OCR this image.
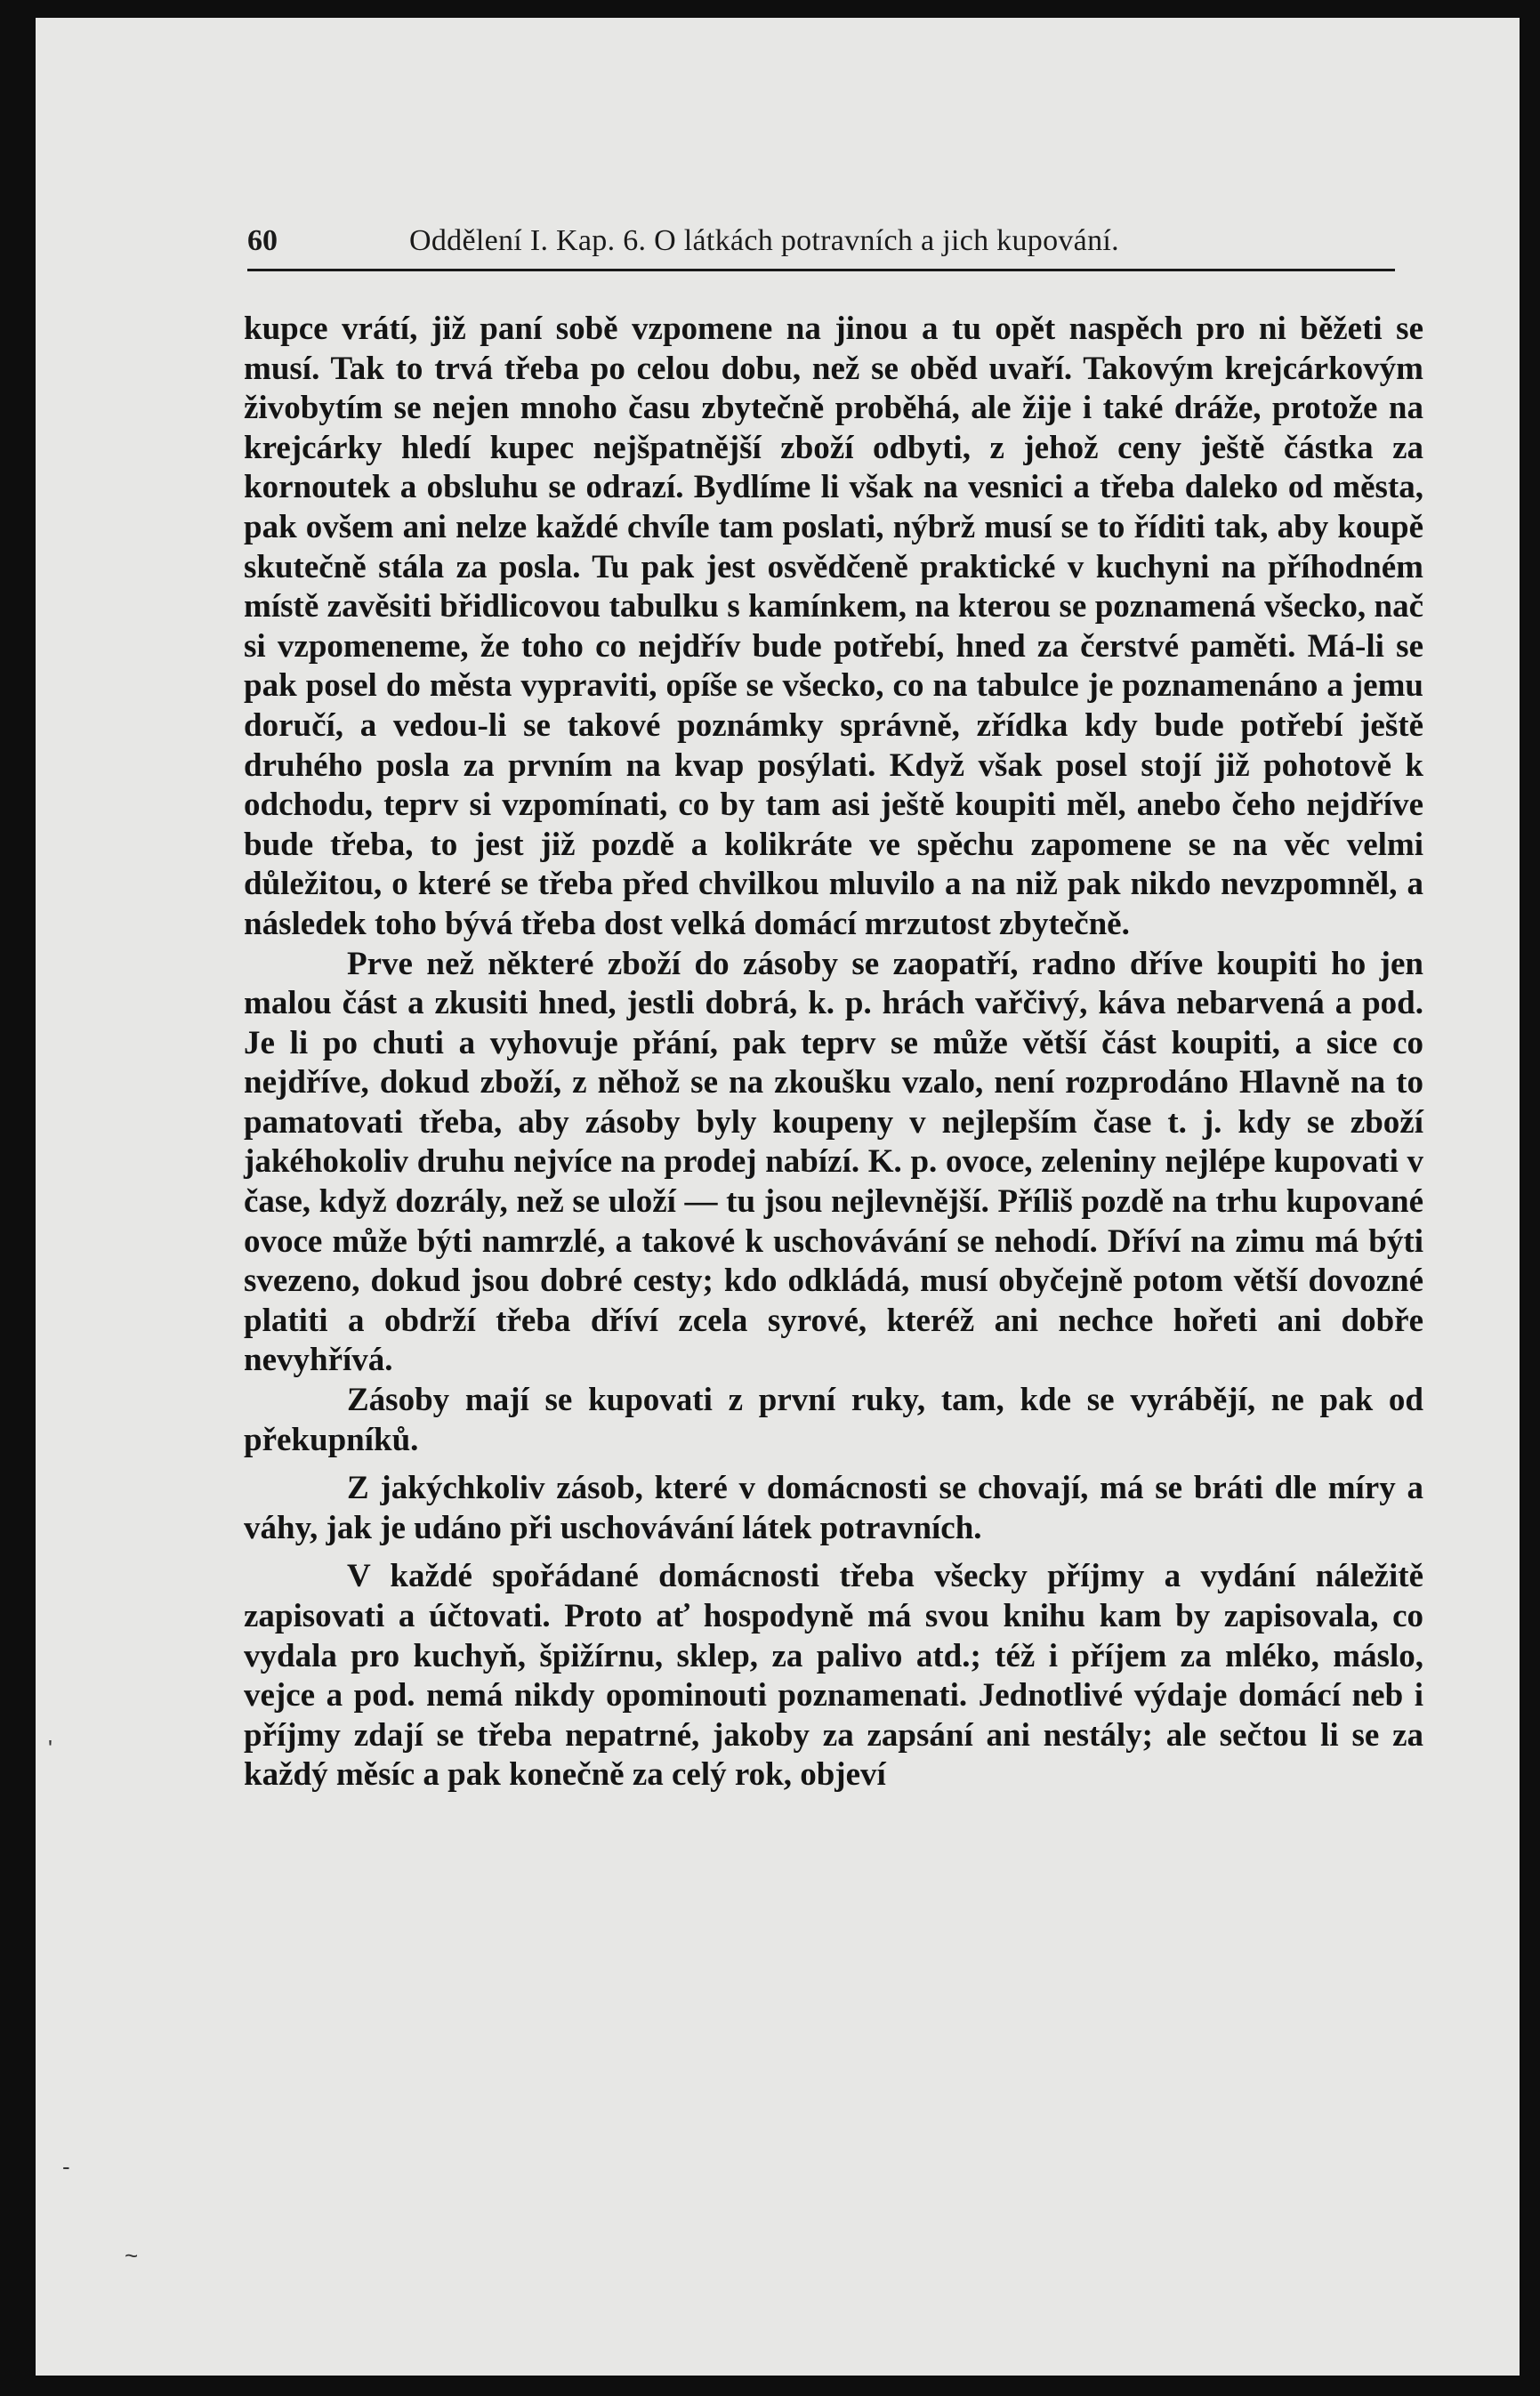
60	Oddělení I. Kap. 6. O látkách potravních a jich kupování.

kupce vrátí, již paní sobě vzpomene na jinou a tu opět naspěch pro ni běžeti se musí. Tak to trvá třeba po celou dobu, než se oběd uvaří. Takovým krejcárkovým živobytím se nejen mnoho času zbytečně proběhá, ale žije i také dráže, protože na krejcárky hledí kupec nejšpatnější zboží odbyti, z jehož ceny ještě částka za kornoutek a obsluhu se odrazí. Bydlíme li však na vesnici a třeba daleko od města, pak ovšem ani nelze každé chvíle tam poslati, nýbrž musí se to říditi tak, aby koupě skutečně stála za posla. Tu pak jest osvědčeně praktické v kuchyni na příhodném místě zavěsiti břidlicovou tabulku s kamínkem, na kterou se poznamená všecko, nač si vzpomeneme, že toho co nejdřív bude potřebí, hned za čerstvé paměti. Má-li se pak posel do města vypraviti, opíše se všecko, co na tabulce je poznamenáno a jemu doručí, a vedou-li se takové poznámky správně, zřídka kdy bude potřebí ještě druhého posla za prvním na kvap posýlati. Když však posel stojí již pohotově k odchodu, teprv si vzpomínati, co by tam asi ještě koupiti měl, anebo čeho nejdříve bude třeba, to jest již pozdě a kolikráte ve spěchu zapomene se na věc velmi důležitou, o které se třeba před chvilkou mluvilo a na niž pak nikdo nevzpomněl, a následek toho bývá třeba dost velká domácí mrzutost zbytečně.

Prve než některé zboží do zásoby se zaopatří, radno dříve koupiti ho jen malou část a zkusiti hned, jestli dobrá, k. p. hrách vařčivý, káva nebarvená a pod. Je li po chuti a vyhovuje přání, pak teprv se může větší část koupiti, a sice co nejdříve, dokud zboží, z něhož se na zkoušku vzalo, není rozprodáno Hlavně na to pamatovati třeba, aby zásoby byly koupeny v nejlepším čase t. j. kdy se zboží jakéhokoliv druhu nejvíce na prodej nabízí. K. p. ovoce, zeleniny nejlépe kupovati v čase, když dozrály, než se uloží — tu jsou nejlevnější. Příliš pozdě na trhu kupované ovoce může býti namrzlé, a takové k uschovávání se nehodí. Dříví na zimu má býti svezeno, dokud jsou dobré cesty; kdo odkládá, musí obyčejně potom větší dovozné platiti a obdrží třeba dříví zcela syrové, kteréž ani nechce hořeti ani dobře nevyhřívá.

Zásoby mají se kupovati z první ruky, tam, kde se vyrábějí, ne pak od překupníků.

Z jakýchkoliv zásob, které v domácnosti se chovají, má se bráti dle míry a váhy, jak je udáno při uschovávání látek potravních.

V každé spořádané domácnosti třeba všecky příjmy a vydání náležitě zapisovati a účtovati. Proto ať hospodyně má svou knihu kam by zapisovala, co vydala pro kuchyň, špižírnu, sklep, za palivo atd.; též i příjem za mléko, máslo, vejce a pod. nemá nikdy opominouti poznamenati. Jednotlivé výdaje domácí neb i příjmy zdají se třeba nepatrné, jakoby za zapsání ani nestály; ale sečtou li se za každý měsíc a pak konečně za celý rok, objeví

'
-
~
